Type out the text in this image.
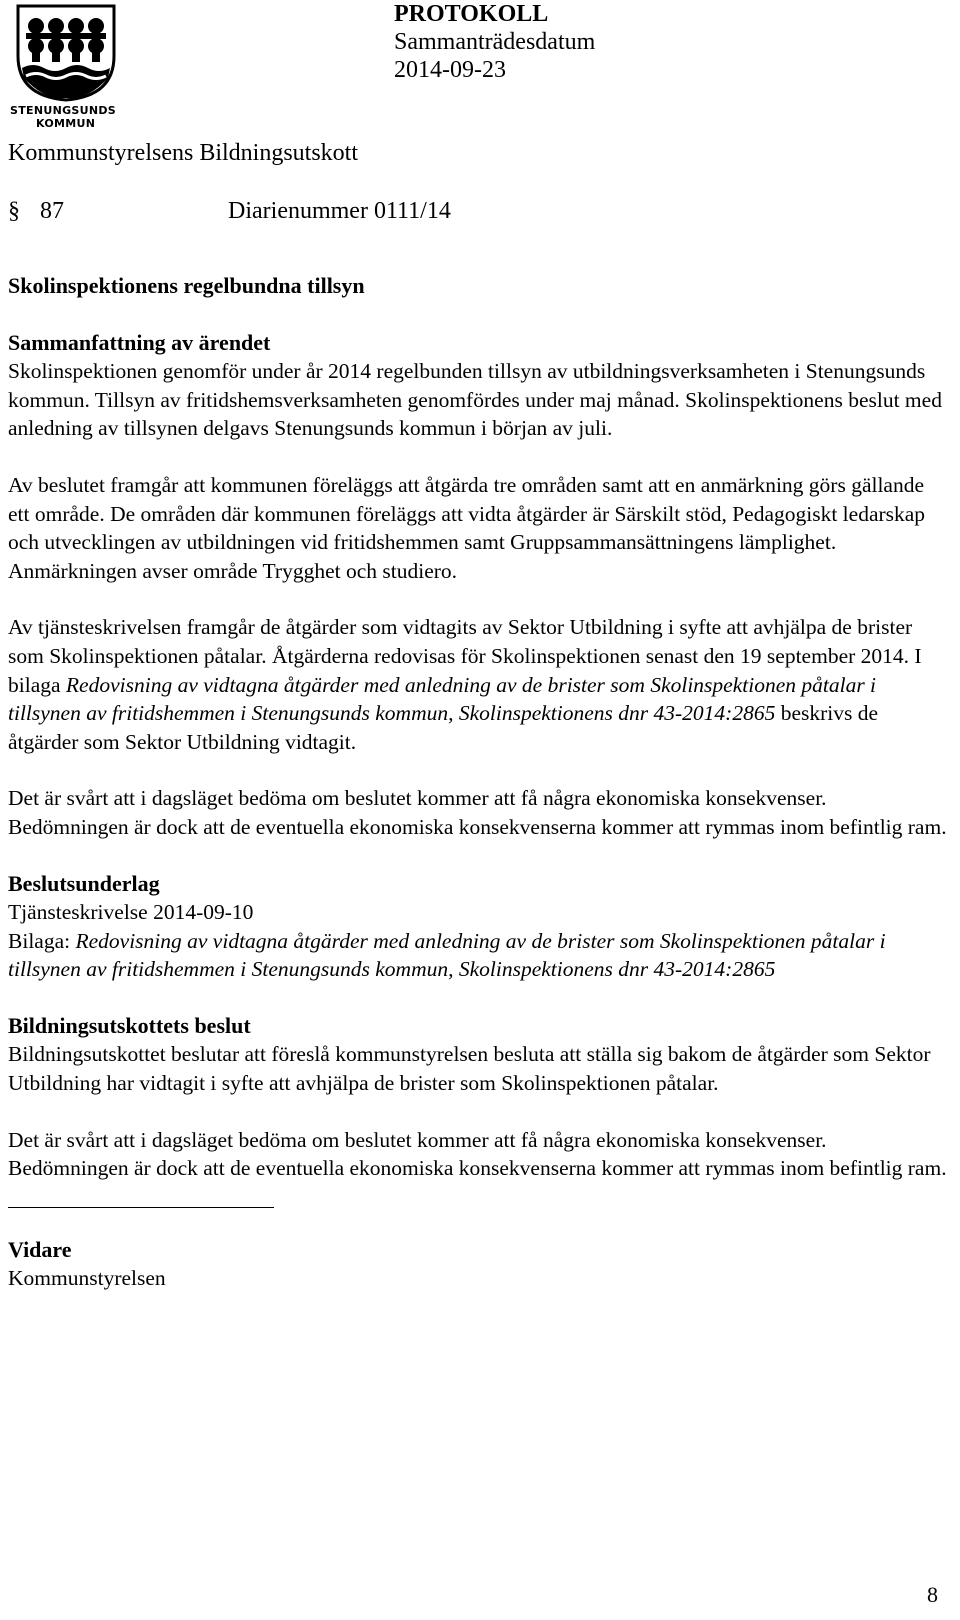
STENUNGSUNDS
KOMMUN
PROTOKOLL
Sammanträdesdatum
2014-09-23
Kommunstyrelsens Bildningsutskott
§ 87	Diarienummer 0111/14
Skolinspektionens regelbundna tillsyn
Sammanfattning av ärendet

Skolinspektionen genomför under år 2014 regelbunden tillsyn av utbildningsverksamheten i Stenungsunds kommun. Tillsyn av fritidshemsverksamheten genomfördes under maj månad. Skolinspektionens beslut med anledning av tillsynen delgavs Stenungsunds kommun i början av juli.

Av beslutet framgår att kommunen föreläggs att åtgärda tre områden samt att en anmärkning görs gällande ett område. De områden där kommunen föreläggs att vidta åtgärder är Särskilt stöd, Pedagogiskt ledarskap och utvecklingen av utbildningen vid fritidshemmen samt Gruppsammansättningens lämplighet. Anmärkningen avser område Trygghet och studiero.

Av tjänsteskrivelsen framgår de åtgärder som vidtagits av Sektor Utbildning i syfte att avhjälpa de brister som Skolinspektionen påtalar. Åtgärderna redovisas för Skolinspektionen senast den 19 september 2014. I bilaga Redovisning av vidtagna åtgärder med anledning av de brister som Skolinspektionen påtalar i tillsynen av fritidshemmen i Stenungsunds kommun, Skolinspektionens dnr 43-2014:2865 beskrivs de åtgärder som Sektor Utbildning vidtagit.

Det är svårt att i dagsläget bedöma om beslutet kommer att få några ekonomiska konsekvenser. Bedömningen är dock att de eventuella ekonomiska konsekvenserna kommer att rymmas inom befintlig ram.

Beslutsunderlag
Tjänsteskrivelse 2014-09-10

Bilaga: Redovisning av vidtagna åtgärder med anledning av de brister som Skolinspektionen påtalar i tillsynen av fritidshemmen i Stenungsunds kommun, Skolinspektionens dnr 43-2014:2865

Bildningsutskottets beslut

Bildningsutskottet beslutar att föreslå kommunstyrelsen besluta att ställa sig bakom de åtgärder som Sektor Utbildning har vidtagit i syfte att avhjälpa de brister som Skolinspektionen påtalar.

Det är svårt att i dagsläget bedöma om beslutet kommer att få några ekonomiska konsekvenser. Bedömningen är dock att de eventuella ekonomiska konsekvenserna kommer att rymmas inom befintlig ram.

Vidare
Kommunstyrelsen
8
